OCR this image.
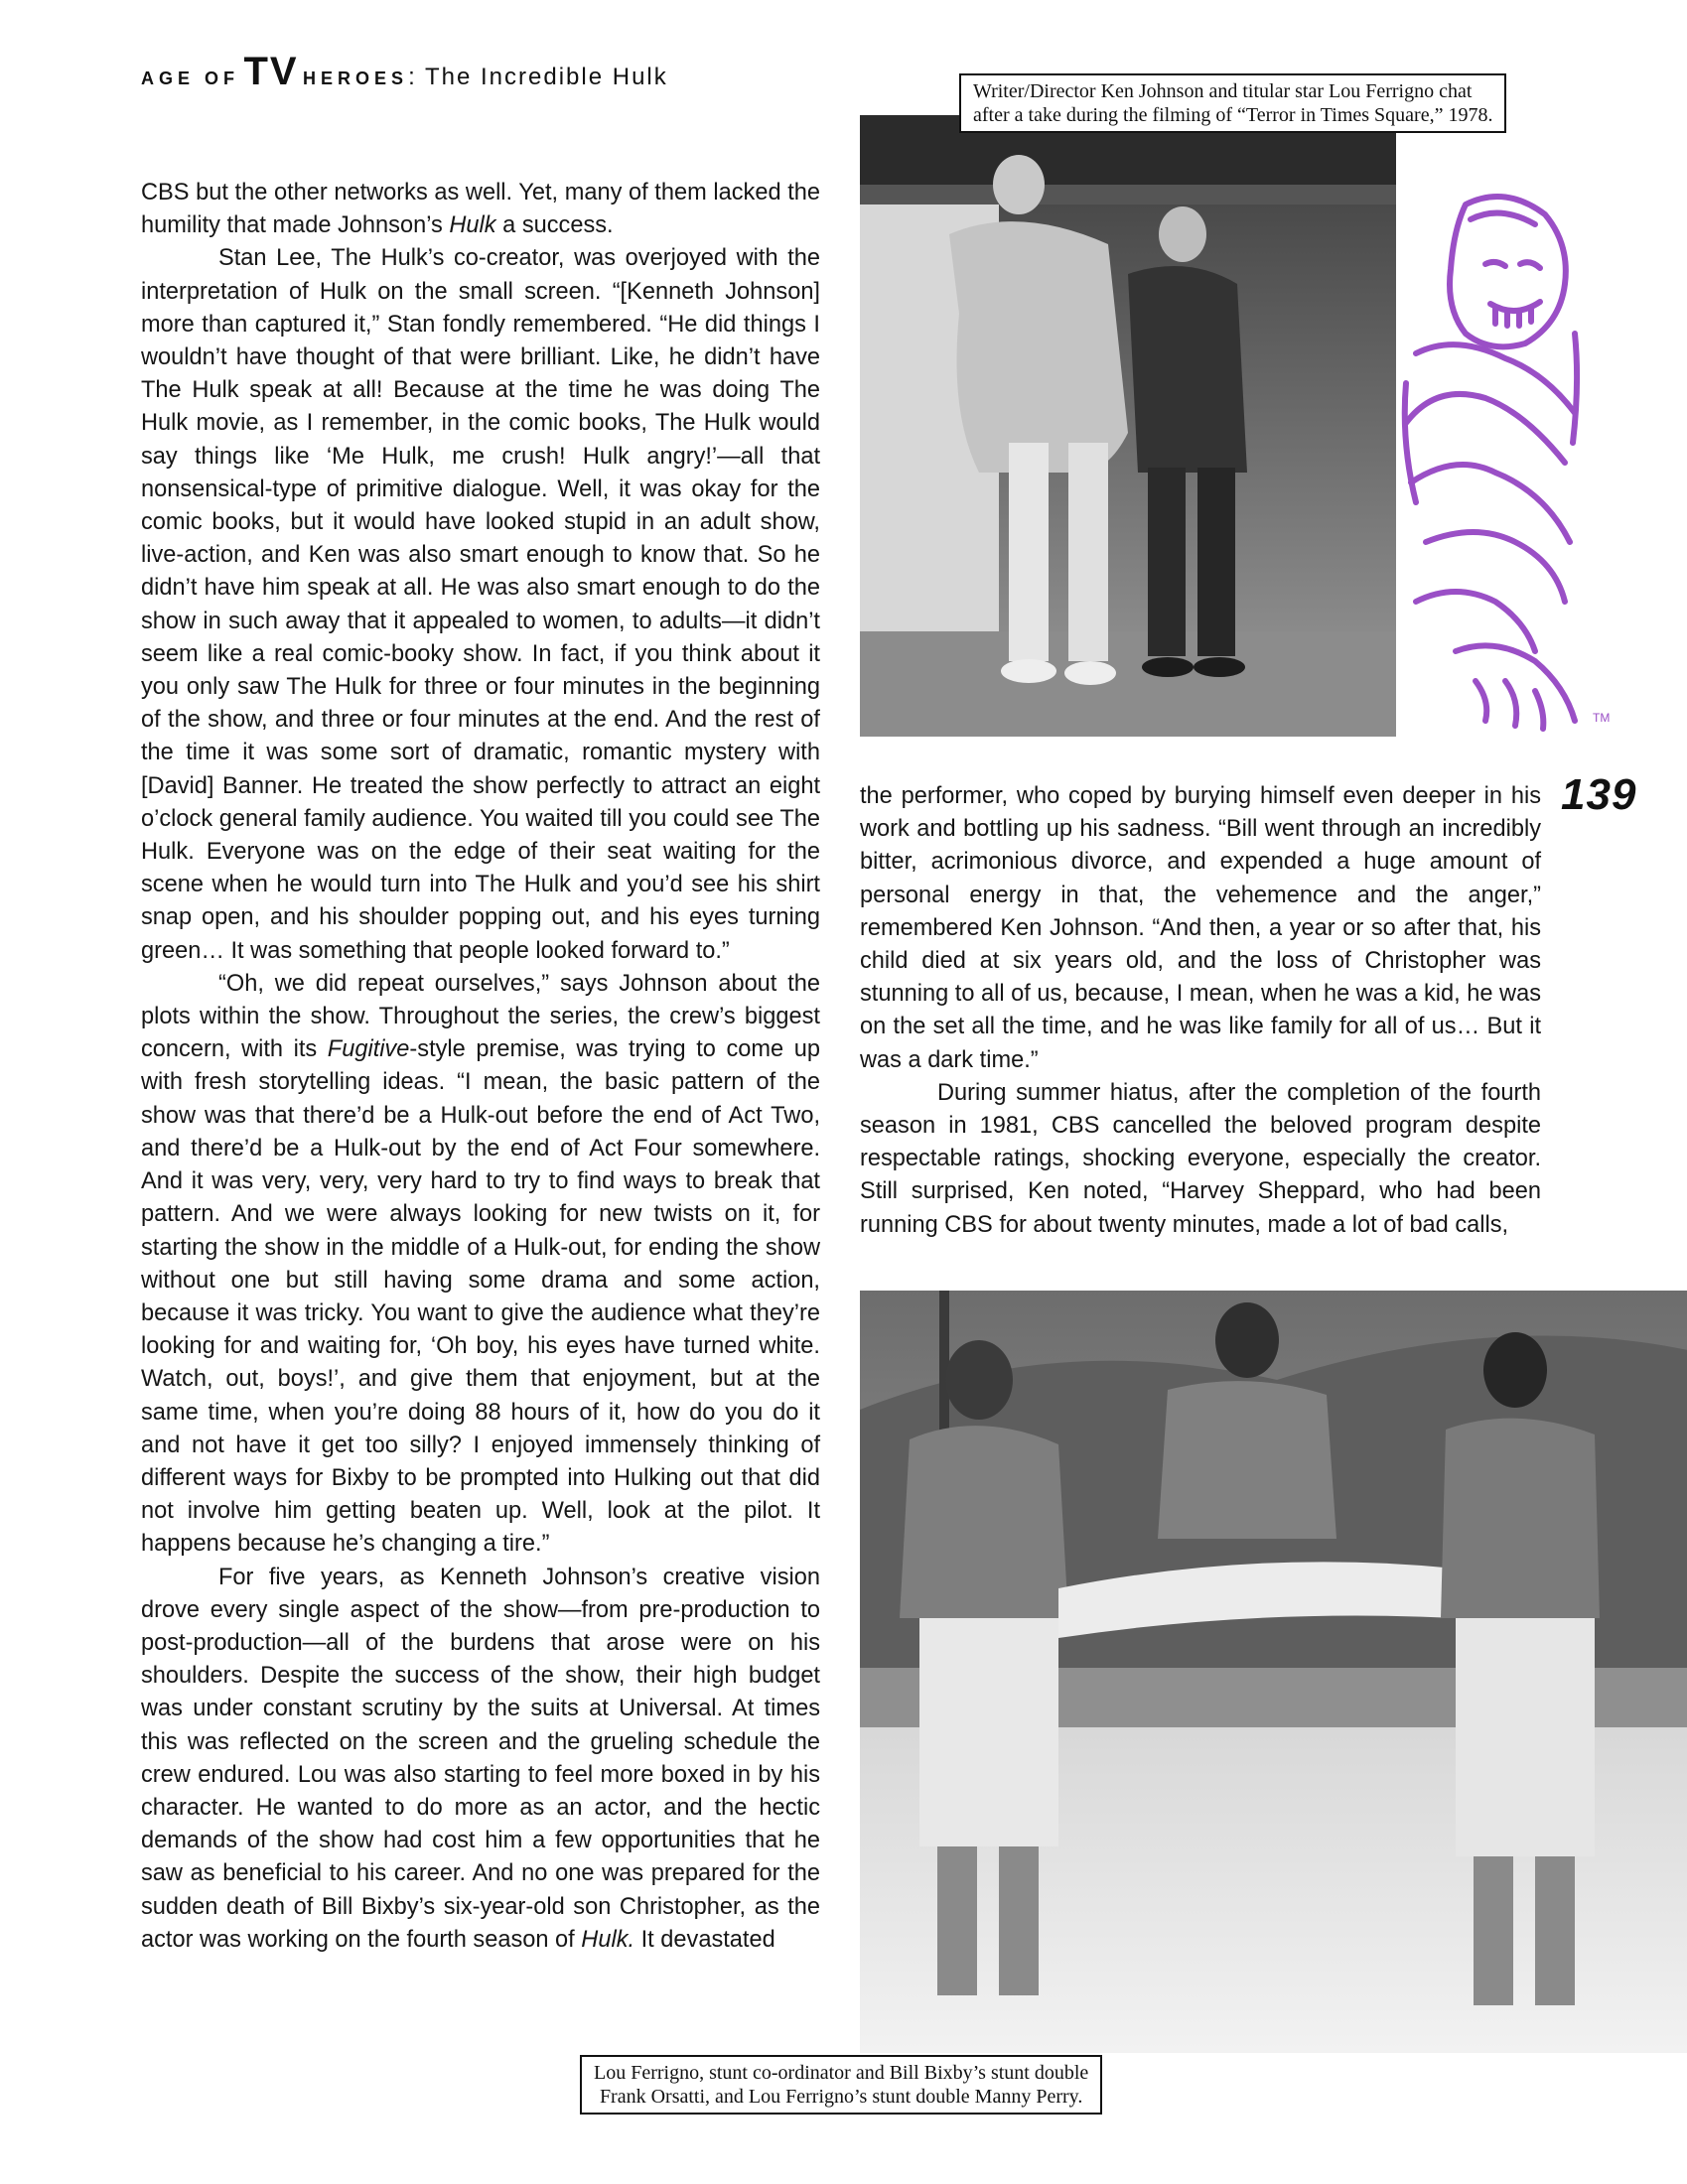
AGE OF TV HEROES: The Incredible Hulk
Writer/Director Ken Johnson and titular star Lou Ferrigno chat
after a take during the filming of “Terror in Times Square,” 1978.
TM
139

CBS but the other networks as well. Yet, many of them lacked the humility that made Johnson’s Hulk a success.

Stan Lee, The Hulk’s co-creator, was overjoyed with the interpretation of Hulk on the small screen. “[Kenneth Johnson] more than captured it,” Stan fondly remembered. “He did things I wouldn’t have thought of that were brilliant. Like, he didn’t have The Hulk speak at all! Because at the time he was doing The Hulk movie, as I remember, in the comic books, The Hulk would say things like ‘Me Hulk, me crush! Hulk angry!’—all that nonsensical-type of primitive dialogue. Well, it was okay for the comic books, but it would have looked stupid in an adult show, live-action, and Ken was also smart enough to know that. So he didn’t have him speak at all. He was also smart enough to do the show in such away that it appealed to women, to adults—it didn’t seem like a real comic-booky show. In fact, if you think about it you only saw The Hulk for three or four minutes in the beginning of the show, and three or four minutes at the end. And the rest of the time it was some sort of dramatic, romantic mystery with [David] Banner. He treated the show perfectly to attract an eight o’clock general family audience. You waited till you could see The Hulk. Everyone was on the edge of their seat waiting for the scene when he would turn into The Hulk and you’d see his shirt snap open, and his shoulder popping out, and his eyes turning green… It was something that people looked forward to.”

“Oh, we did repeat ourselves,” says Johnson about the plots within the show. Throughout the series, the crew’s biggest concern, with its Fugitive-style premise, was trying to come up with fresh storytelling ideas. “I mean, the basic pattern of the show was that there’d be a Hulk-out before the end of Act Two, and there’d be a Hulk-out by the end of Act Four somewhere. And it was very, very, very hard to try to find ways to break that pattern. And we were always looking for new twists on it, for starting the show in the middle of a Hulk-out, for ending the show without one but still having some drama and some action, because it was tricky. You want to give the audience what they’re looking for and waiting for, ‘Oh boy, his eyes have turned white. Watch, out, boys!’, and give them that enjoyment, but at the same time, when you’re doing 88 hours of it, how do you do it and not have it get too silly? I enjoyed immensely thinking of different ways for Bixby to be prompted into Hulking out that did not involve him getting beaten up. Well, look at the pilot. It happens because he’s changing a tire.”

For five years, as Kenneth Johnson’s creative vision drove every single aspect of the show—from pre-production to post-production—all of the burdens that arose were on his shoulders. Despite the success of the show, their high budget was under constant scrutiny by the suits at Universal. At times this was reflected on the screen and the grueling schedule the crew endured. Lou was also starting to feel more boxed in by his character. He wanted to do more as an actor, and the hectic demands of the show had cost him a few opportunities that he saw as beneficial to his career. And no one was prepared for the sudden death of Bill Bixby’s six-year-old son Christopher, as the actor was working on the fourth season of Hulk. It devastated

the performer, who coped by burying himself even deeper in his work and bottling up his sadness. “Bill went through an incredibly bitter, acrimonious divorce, and expended a huge amount of personal energy in that, the vehemence and the anger,” remembered Ken Johnson. “And then, a year or so after that, his child died at six years old, and the loss of Christopher was stunning to all of us, because, I mean, when he was a kid, he was on the set all the time, and he was like family for all of us… But it was a dark time.”

During summer hiatus, after the completion of the fourth season in 1981, CBS cancelled the beloved program despite respectable ratings, shocking everyone, especially the creator. Still surprised, Ken noted, “Harvey Sheppard, who had been running CBS for about twenty minutes, made a lot of bad calls,

Lou Ferrigno, stunt co-ordinator and Bill Bixby’s stunt double
Frank Orsatti, and Lou Ferrigno’s stunt double Manny Perry.
